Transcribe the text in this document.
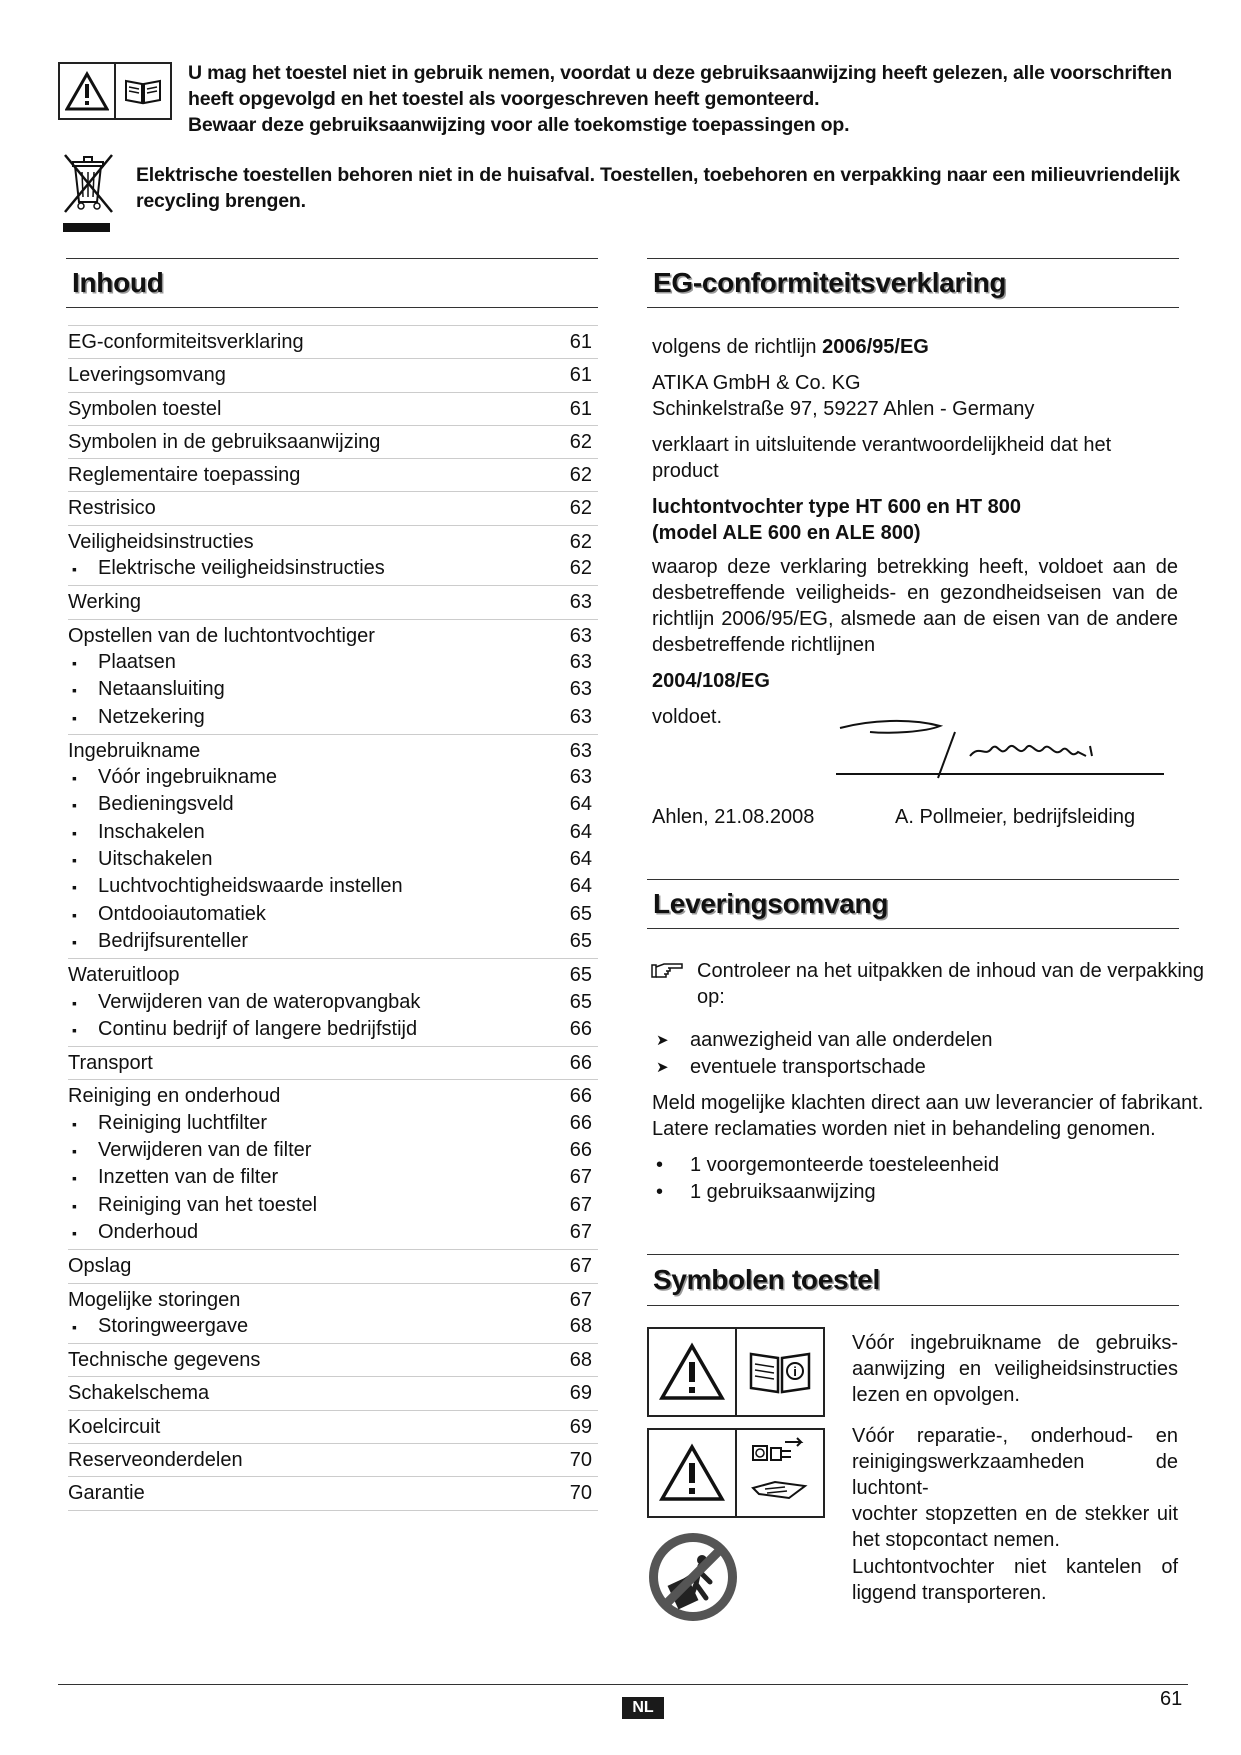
U mag het toestel niet in gebruik nemen, voordat u deze gebruiksaanwijzing heeft gelezen, alle voorschriften
heeft opgevolgd en het toestel als voorgeschreven heeft gemonteerd.
Bewaar deze gebruiksaanwijzing voor alle toekomstige toepassingen op.
Elektrische toestellen behoren niet in de huisafval. Toestellen, toebehoren en verpakking naar een milieuvriendelijk
recycling brengen.
Inhoud
EG-conformiteitsverklaring	61
Leveringsomvang	61
Symbolen toestel	61
Symbolen in de gebruiksaanwijzing	62
Reglementaire toepassing	62
Restrisico	62
Veiligheidsinstructies	62
▪ Elektrische veiligheidsinstructies	62
Werking	63
Opstellen van de luchtontvochtiger	63
▪ Plaatsen	63
▪ Netaansluiting	63
▪ Netzekering	63
Ingebruikname	63
▪ Vóór ingebruikname	63
▪ Bedieningsveld	64
▪ Inschakelen	64
▪ Uitschakelen	64
▪ Luchtvochtigheidswaarde instellen	64
▪ Ontdooiautomatiek	65
▪ Bedrijfsurenteller	65
Wateruitloop	65
▪ Verwijderen van de wateropvangbak	65
▪ Continu bedrijf of langere bedrijfstijd	66
Transport	66
Reiniging en onderhoud	66
▪ Reiniging luchtfilter	66
▪ Verwijderen van de filter	66
▪ Inzetten van de filter	67
▪ Reiniging van het toestel	67
▪ Onderhoud	67
Opslag	67
Mogelijke storingen	67
▪ Storingweergave	68
Technische gegevens	68
Schakelschema	69
Koelcircuit	69
Reserveonderdelen	70
Garantie	70
EG-conformiteitsverklaring
volgens de richtlijn 2006/95/EG
ATIKA GmbH & Co. KG
Schinkelstraße 97, 59227 Ahlen - Germany
verklaart in uitsluitende verantwoordelijkheid dat het product
luchtontvochter type HT 600 en HT 800
(model ALE 600 en ALE 800)
waarop deze verklaring betrekking heeft, voldoet aan de
desbetreffende veiligheids- en gezondheidseisen van de
richtlijn 2006/95/EG, alsmede aan de eisen van de andere
desbetreffende richtlijnen
2004/108/EG
voldoet.
Ahlen, 21.08.2008	A. Pollmeier, bedrijfsleiding
Leveringsomvang
Controleer na het uitpakken de inhoud van de verpakking
op:
➤ aanwezigheid van alle onderdelen
➤ eventuele transportschade
Meld mogelijke klachten direct aan uw leverancier of fabrikant.
Latere reclamaties worden niet in behandeling genomen.
• 1 voorgemonteerde toesteleenheid
• 1 gebruiksaanwijzing
Symbolen toestel
i
Vóór ingebruikname de gebruiks-
aanwijzing en veiligheidsinstructies
lezen en opvolgen.
Vóór reparatie-, onderhoud- en
reinigingswerkzaamheden de luchtont-
vochter stopzetten en de stekker uit
het stopcontact nemen.
Luchtontvochter niet kantelen of
liggend transporteren.
NL	61
